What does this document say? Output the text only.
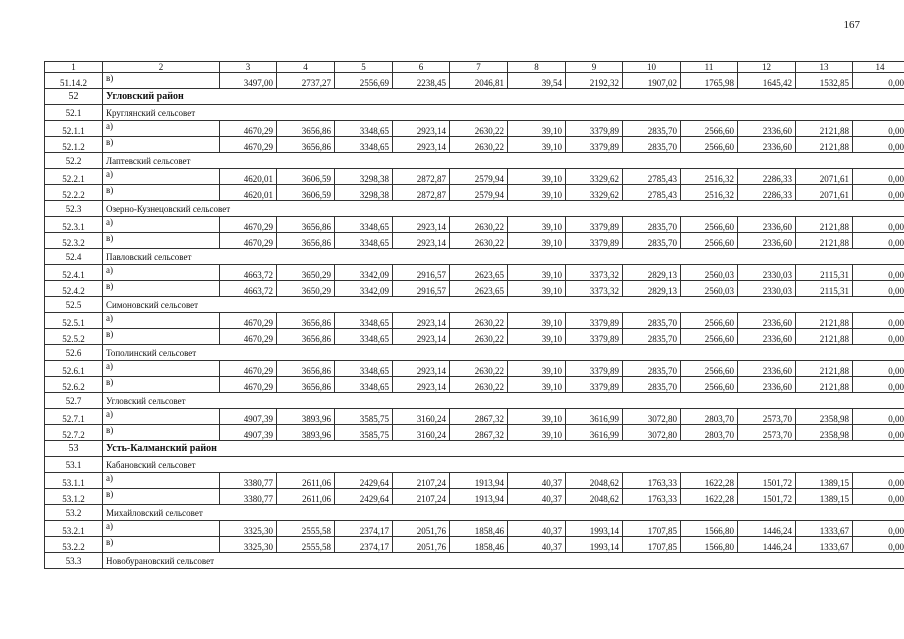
167
1	2	3	4	5	6	7	8	9	10	11	12	13	14
51.14.2	в)	3497,00	2737,27	2556,69	2238,45	2046,81	39,54	2192,32	1907,02	1765,98	1645,42	1532,85	0,00
52	Угловский район												
52.1	Круглянский сельсовет												
52.1.1	а)	4670,29	3656,86	3348,65	2923,14	2630,22	39,10	3379,89	2835,70	2566,60	2336,60	2121,88	0,00
52.1.2	в)	4670,29	3656,86	3348,65	2923,14	2630,22	39,10	3379,89	2835,70	2566,60	2336,60	2121,88	0,00
52.2	Лаптевский сельсовет												
52.2.1	а)	4620,01	3606,59	3298,38	2872,87	2579,94	39,10	3329,62	2785,43	2516,32	2286,33	2071,61	0,00
52.2.2	в)	4620,01	3606,59	3298,38	2872,87	2579,94	39,10	3329,62	2785,43	2516,32	2286,33	2071,61	0,00
52.3	Озерно-Кузнецовский сельсовет												
52.3.1	а)	4670,29	3656,86	3348,65	2923,14	2630,22	39,10	3379,89	2835,70	2566,60	2336,60	2121,88	0,00
52.3.2	в)	4670,29	3656,86	3348,65	2923,14	2630,22	39,10	3379,89	2835,70	2566,60	2336,60	2121,88	0,00
52.4	Павловский сельсовет												
52.4.1	а)	4663,72	3650,29	3342,09	2916,57	2623,65	39,10	3373,32	2829,13	2560,03	2330,03	2115,31	0,00
52.4.2	в)	4663,72	3650,29	3342,09	2916,57	2623,65	39,10	3373,32	2829,13	2560,03	2330,03	2115,31	0,00
52.5	Симоновский сельсовет												
52.5.1	а)	4670,29	3656,86	3348,65	2923,14	2630,22	39,10	3379,89	2835,70	2566,60	2336,60	2121,88	0,00
52.5.2	в)	4670,29	3656,86	3348,65	2923,14	2630,22	39,10	3379,89	2835,70	2566,60	2336,60	2121,88	0,00
52.6	Тополинский сельсовет												
52.6.1	а)	4670,29	3656,86	3348,65	2923,14	2630,22	39,10	3379,89	2835,70	2566,60	2336,60	2121,88	0,00
52.6.2	в)	4670,29	3656,86	3348,65	2923,14	2630,22	39,10	3379,89	2835,70	2566,60	2336,60	2121,88	0,00
52.7	Угловский сельсовет												
52.7.1	а)	4907,39	3893,96	3585,75	3160,24	2867,32	39,10	3616,99	3072,80	2803,70	2573,70	2358,98	0,00
52.7.2	в)	4907,39	3893,96	3585,75	3160,24	2867,32	39,10	3616,99	3072,80	2803,70	2573,70	2358,98	0,00
53	Усть-Калманский район												
53.1	Кабановский сельсовет												
53.1.1	а)	3380,77	2611,06	2429,64	2107,24	1913,94	40,37	2048,62	1763,33	1622,28	1501,72	1389,15	0,00
53.1.2	в)	3380,77	2611,06	2429,64	2107,24	1913,94	40,37	2048,62	1763,33	1622,28	1501,72	1389,15	0,00
53.2	Михайловский сельсовет												
53.2.1	а)	3325,30	2555,58	2374,17	2051,76	1858,46	40,37	1993,14	1707,85	1566,80	1446,24	1333,67	0,00
53.2.2	в)	3325,30	2555,58	2374,17	2051,76	1858,46	40,37	1993,14	1707,85	1566,80	1446,24	1333,67	0,00
53.3	Новобурановский сельсовет												
